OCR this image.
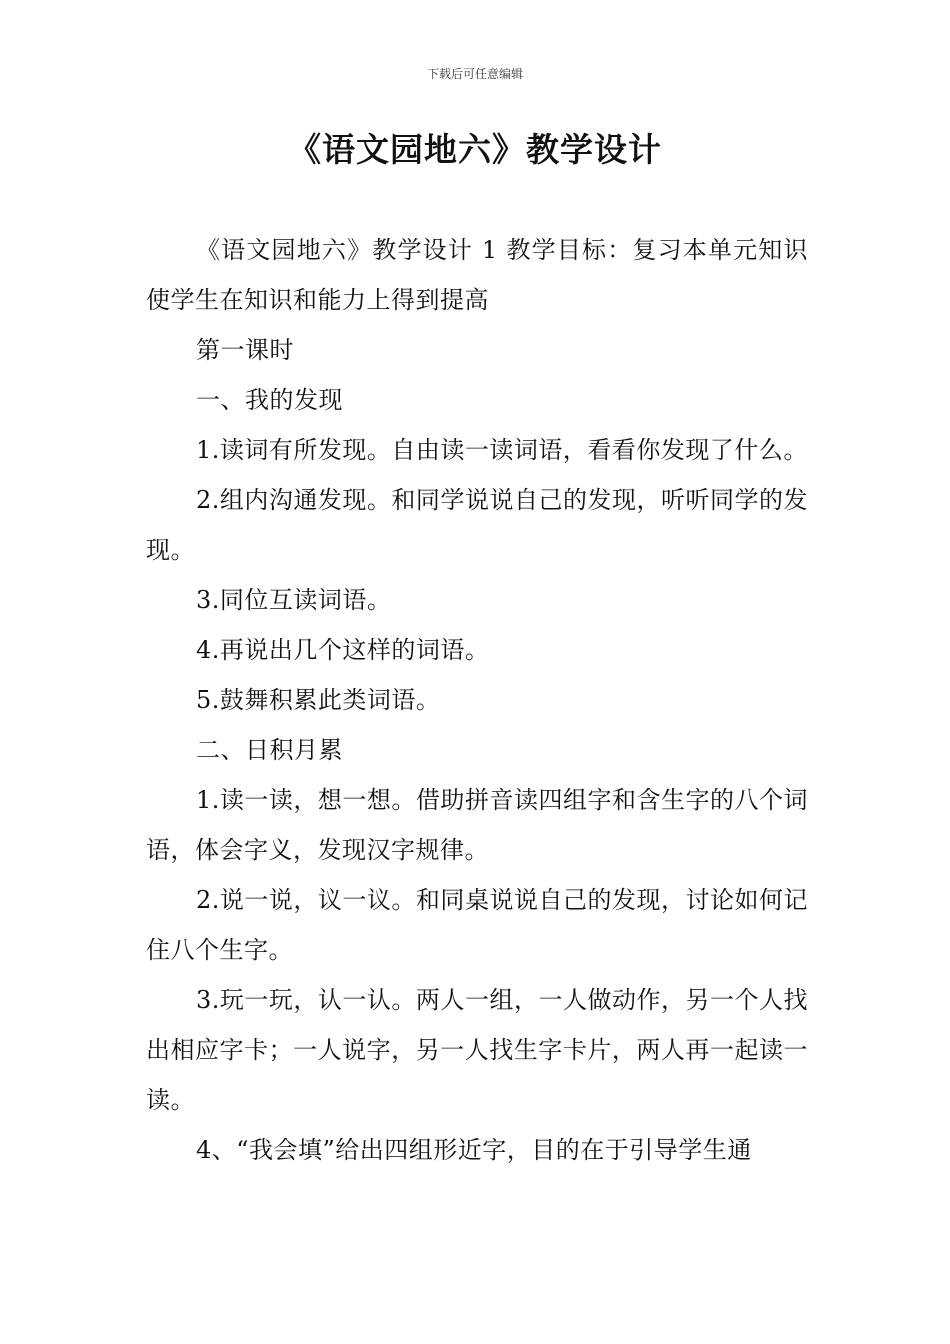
下载后可任意编辑
《语文园地六》教学设计

《语文园地六》教学设计 1 教学目标：复习本单元知识使学生在知识和能力上得到提高

第一课时

一、我的发现

1.读词有所发现。自由读一读词语，看看你发现了什么。

2.组内沟通发现。和同学说说自己的发现，听听同学的发现。

3.同位互读词语。

4.再说出几个这样的词语。

5.鼓舞积累此类词语。

二、日积月累

1.读一读，想一想。借助拼音读四组字和含生字的八个词语，体会字义，发现汉字规律。

2.说一说，议一议。和同桌说说自己的发现，讨论如何记住八个生字。

3.玩一玩，认一认。两人一组，一人做动作，另一个人找出相应字卡；一人说字，另一人找生字卡片，两人再一起读一读。

4、“我会填”给出四组形近字，目的在于引导学生通
